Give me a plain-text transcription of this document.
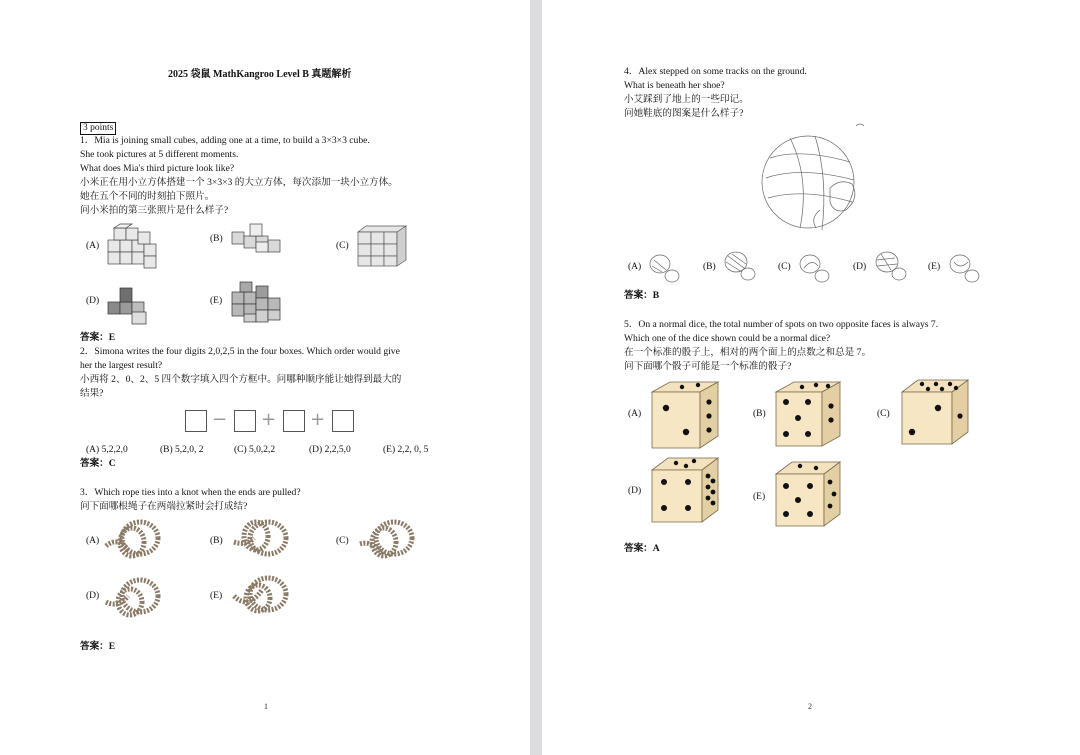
2025 袋鼠 MathKangroo Level B 真题解析
3 points
1．Mia is joining small cubes, adding one at a time, to build a 3×3×3 cube.
She took pictures at 5 different moments.
What does Mia's third picture look like?
小米正在用小立方体搭建一个 3×3×3 的大立方体，每次添加一块小立方体。
她在五个不同的时刻拍下照片。
问小米拍的第三张照片是什么样子?
(A)
(B)
(C)
(D)	(E)
答案：E
2．Simona writes the four digits 2,0,2,5 in the four boxes. Which order would give
her the largest result?
小西将 2、0、2、5 四个数字填入四个方框中。问哪种顺序能让她得到最大的
结果?
− + +
(A) 5,2,2,0	(B) 5,2,0, 2	(C) 5,0,2,2	(D) 2,2,5,0	(E) 2,2, 0, 5
答案：C
3．Which rope ties into a knot when the ends are pulled?
问下面哪根绳子在两端拉紧时会打成结?
(A)	(B)	(C)
(D)	(E)
答案：E
1
4．Alex stepped on some tracks on the ground.
What is beneath her shoe?
小艾踩到了地上的一些印记。
问她鞋底的图案是什么样子?
(A)	(B)	(C)	(D)	(E)
答案：B
5．On a normal dice, the total number of spots on two opposite faces is always 7.
Which one of the dice shown could be a normal dice?
在一个标准的骰子上，相对的两个面上的点数之和总是 7。
问下面哪个骰子可能是一个标准的骰子?
(A)	(B)	(C)
(D)
(E)
答案：A
2
